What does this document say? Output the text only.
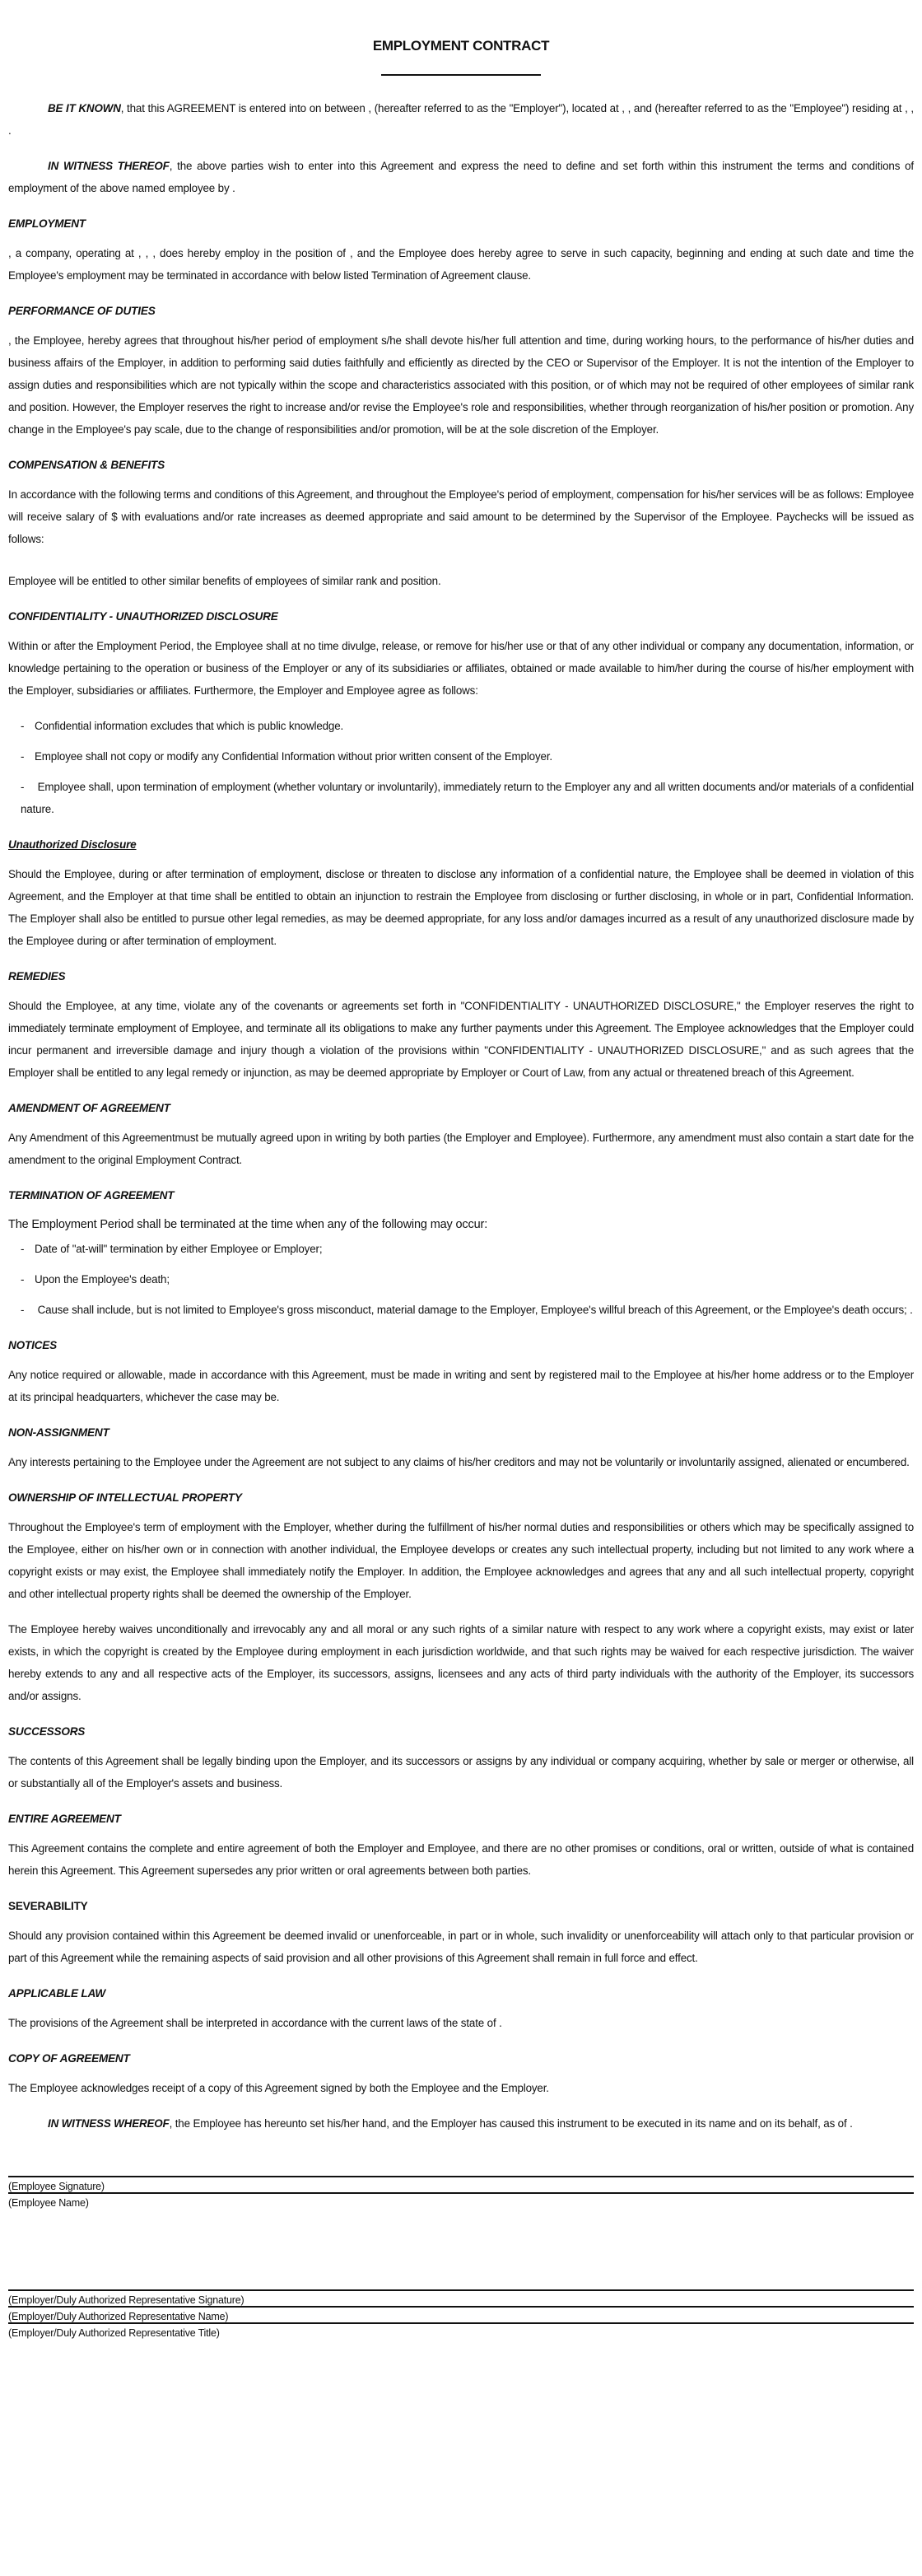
EMPLOYMENT CONTRACT

BE IT KNOWN, that this AGREEMENT is entered into on between , (hereafter referred to as the "Employer"), located at , , and (hereafter referred to as the "Employee") residing at , , .

IN WITNESS THEREOF, the above parties wish to enter into this Agreement and express the need to define and set forth within this instrument the terms and conditions of employment of the above named employee by .

EMPLOYMENT

, a company, operating at , , , does hereby employ in the position of , and the Employee does hereby agree to serve in such capacity, beginning and ending at such date and time the Employee's employment may be terminated in accordance with below listed Termination of Agreement clause.

PERFORMANCE OF DUTIES

, the Employee, hereby agrees that throughout his/her period of employment s/he shall devote his/her full attention and time, during working hours, to the performance of his/her duties and business affairs of the Employer, in addition to performing said duties faithfully and efficiently as directed by the CEO or Supervisor of the Employer. It is not the intention of the Employer to assign duties and responsibilities which are not typically within the scope and characteristics associated with this position, or of which may not be required of other employees of similar rank and position. However, the Employer reserves the right to increase and/or revise the Employee's role and responsibilities, whether through reorganization of his/her position or promotion. Any change in the Employee's pay scale, due to the change of responsibilities and/or promotion, will be at the sole discretion of the Employer.

COMPENSATION & BENEFITS

In accordance with the following terms and conditions of this Agreement, and throughout the Employee's period of employment, compensation for his/her services will be as follows: Employee will receive salary of $ with evaluations and/or rate increases as deemed appropriate and said amount to be determined by the Supervisor of the Employee. Paychecks will be issued as follows:

Employee will be entitled to other similar benefits of employees of similar rank and position.

CONFIDENTIALITY - UNAUTHORIZED DISCLOSURE

Within or after the Employment Period, the Employee shall at no time divulge, release, or remove for his/her use or that of any other individual or company any documentation, information, or knowledge pertaining to the operation or business of the Employer or any of its subsidiaries or affiliates, obtained or made available to him/her during the course of his/her employment with the Employer, subsidiaries or affiliates. Furthermore, the Employer and Employee agree as follows:

- Confidential information excludes that which is public knowledge.
- Employee shall not copy or modify any Confidential Information without prior written consent of the Employer.
- Employee shall, upon termination of employment (whether voluntary or involuntarily), immediately return to the Employer any and all written documents and/or materials of a confidential nature.
Unauthorized Disclosure

Should the Employee, during or after termination of employment, disclose or threaten to disclose any information of a confidential nature, the Employee shall be deemed in violation of this Agreement, and the Employer at that time shall be entitled to obtain an injunction to restrain the Employee from disclosing or further disclosing, in whole or in part, Confidential Information. The Employer shall also be entitled to pursue other legal remedies, as may be deemed appropriate, for any loss and/or damages incurred as a result of any unauthorized disclosure made by the Employee during or after termination of employment.

REMEDIES

Should the Employee, at any time, violate any of the covenants or agreements set forth in "CONFIDENTIALITY - UNAUTHORIZED DISCLOSURE," the Employer reserves the right to immediately terminate employment of Employee, and terminate all its obligations to make any further payments under this Agreement. The Employee acknowledges that the Employer could incur permanent and irreversible damage and injury though a violation of the provisions within "CONFIDENTIALITY - UNAUTHORIZED DISCLOSURE," and as such agrees that the Employer shall be entitled to any legal remedy or injunction, as may be deemed appropriate by Employer or Court of Law, from any actual or threatened breach of this Agreement.

AMENDMENT OF AGREEMENT

Any Amendment of this Agreementmust be mutually agreed upon in writing by both parties (the Employer and Employee). Furthermore, any amendment must also contain a start date for the amendment to the original Employment Contract.

TERMINATION OF AGREEMENT

The Employment Period shall be terminated at the time when any of the following may occur:

- Date of "at-will" termination by either Employee or Employer;
- Upon the Employee's death;
- Cause shall include, but is not limited to Employee's gross misconduct, material damage to the Employer, Employee's willful breach of this Agreement, or the Employee's death occurs; .
NOTICES

Any notice required or allowable, made in accordance with this Agreement, must be made in writing and sent by registered mail to the Employee at his/her home address or to the Employer at its principal headquarters, whichever the case may be.

NON-ASSIGNMENT

Any interests pertaining to the Employee under the Agreement are not subject to any claims of his/her creditors and may not be voluntarily or involuntarily assigned, alienated or encumbered.

OWNERSHIP OF INTELLECTUAL PROPERTY

Throughout the Employee's term of employment with the Employer, whether during the fulfillment of his/her normal duties and responsibilities or others which may be specifically assigned to the Employee, either on his/her own or in connection with another individual, the Employee develops or creates any such intellectual property, including but not limited to any work where a copyright exists or may exist, the Employee shall immediately notify the Employer. In addition, the Employee acknowledges and agrees that any and all such intellectual property, copyright and other intellectual property rights shall be deemed the ownership of the Employer.

The Employee hereby waives unconditionally and irrevocably any and all moral or any such rights of a similar nature with respect to any work where a copyright exists, may exist or later exists, in which the copyright is created by the Employee during employment in each jurisdiction worldwide, and that such rights may be waived for each respective jurisdiction. The waiver hereby extends to any and all respective acts of the Employer, its successors, assigns, licensees and any acts of third party individuals with the authority of the Employer, its successors and/or assigns.

SUCCESSORS

The contents of this Agreement shall be legally binding upon the Employer, and its successors or assigns by any individual or company acquiring, whether by sale or merger or otherwise, all or substantially all of the Employer's assets and business.

ENTIRE AGREEMENT

This Agreement contains the complete and entire agreement of both the Employer and Employee, and there are no other promises or conditions, oral or written, outside of what is contained herein this Agreement. This Agreement supersedes any prior written or oral agreements between both parties.

SEVERABILITY

Should any provision contained within this Agreement be deemed invalid or unenforceable, in part or in whole, such invalidity or unenforceability will attach only to that particular provision or part of this Agreement while the remaining aspects of said provision and all other provisions of this Agreement shall remain in full force and effect.

APPLICABLE LAW

The provisions of the Agreement shall be interpreted in accordance with the current laws of the state of .

COPY OF AGREEMENT

The Employee acknowledges receipt of a copy of this Agreement signed by both the Employee and the Employer.

IN WITNESS WHEREOF, the Employee has hereunto set his/her hand, and the Employer has caused this instrument to be executed in its name and on its behalf, as of .

(Employee Signature)
(Employee Name)
(Employer/Duly Authorized Representative Signature)
(Employer/Duly Authorized Representative Name)
(Employer/Duly Authorized Representative Title)
